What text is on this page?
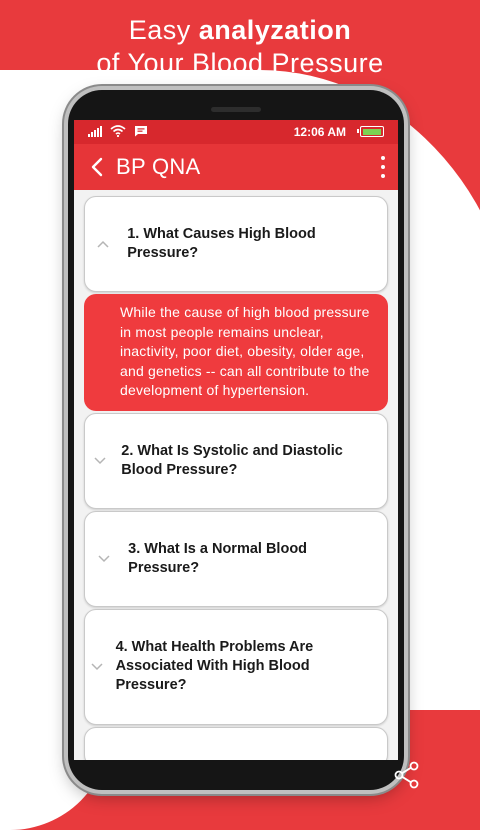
Easy analyzation
of Your Blood Pressure
12:06 AM
BP QNA
1. What Causes High Blood Pressure?
While the cause of high blood pressure in most people remains unclear, inactivity, poor diet, obesity, older age, and genetics -- can all contribute to the development of hypertension.
2. What Is Systolic and Diastolic Blood Pressure?
3. What Is a Normal Blood Pressure?
4. What Health Problems Are Associated With High Blood Pressure?
